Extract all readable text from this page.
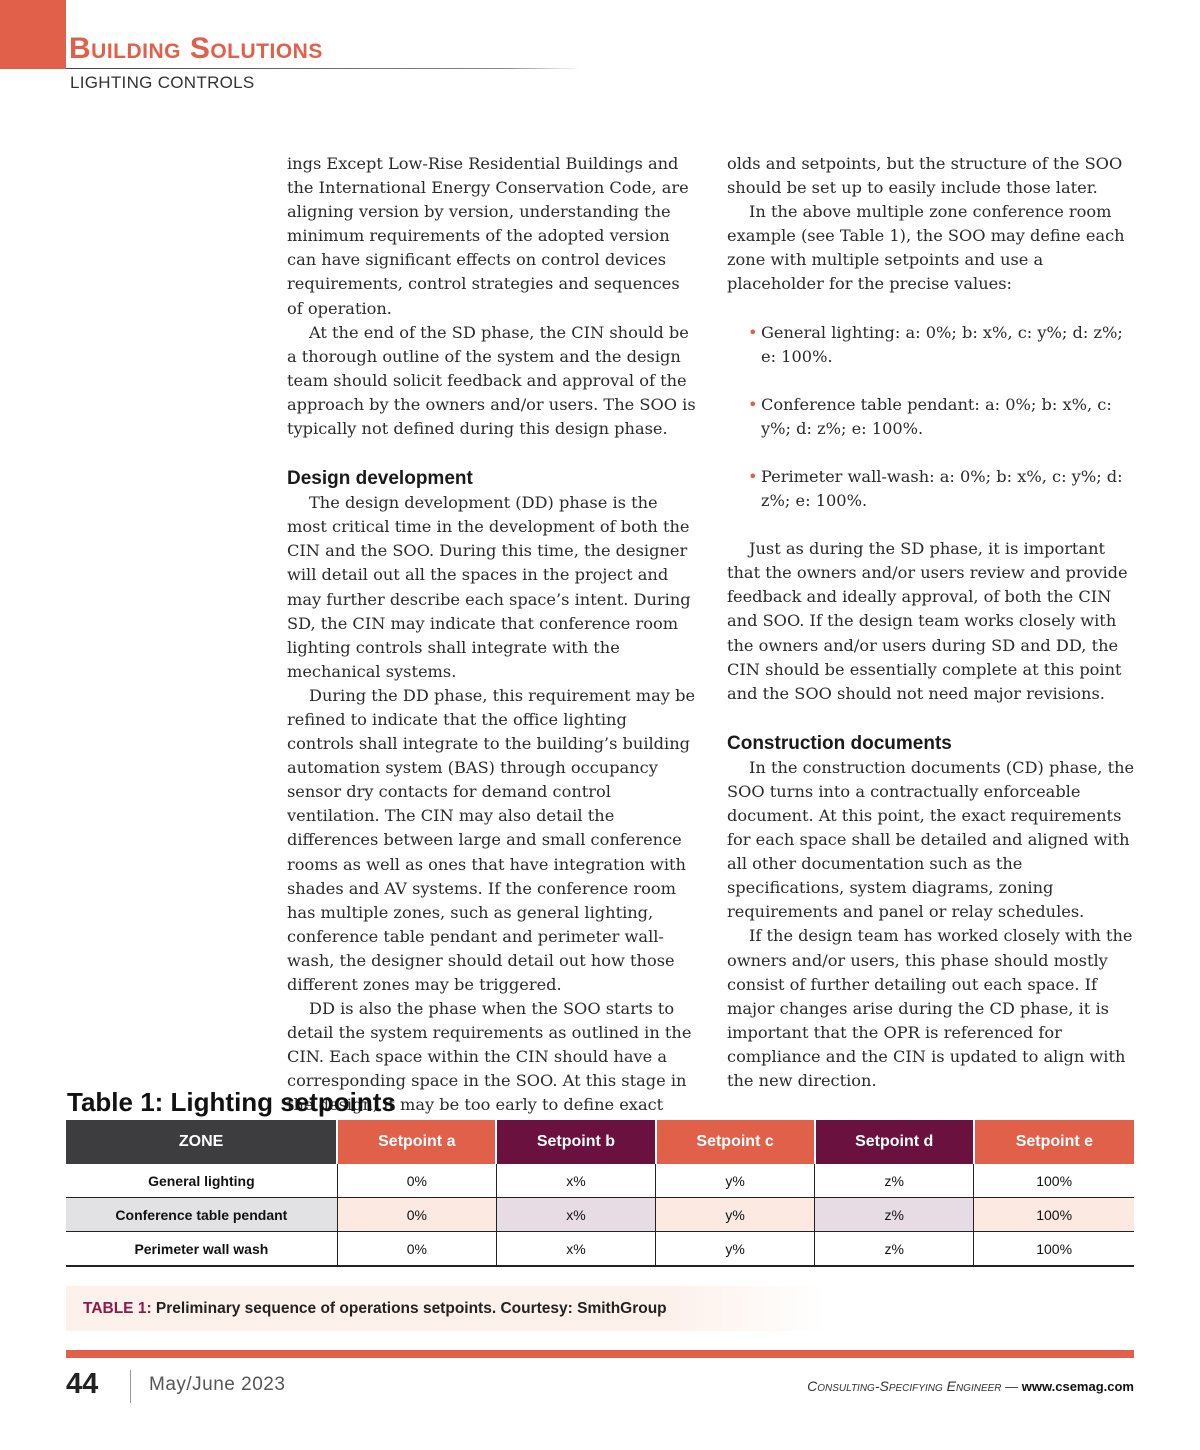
Building Solutions
LIGHTING CONTROLS

ings Except Low-Rise Residential Buildings and the International Energy Conservation Code, are aligning version by version, understanding the minimum requirements of the adopted version can have significant effects on control devices requirements, control strategies and sequences of operation.

At the end of the SD phase, the CIN should be a thorough outline of the system and the design team should solicit feedback and approval of the approach by the owners and/or users. The SOO is typically not defined during this design phase.

Design development

The design development (DD) phase is the most critical time in the development of both the CIN and the SOO. During this time, the designer will detail out all the spaces in the project and may further describe each space’s intent. During SD, the CIN may indicate that conference room lighting controls shall integrate with the mechanical systems.

During the DD phase, this requirement may be refined to indicate that the office lighting controls shall integrate to the building’s building automation system (BAS) through occupancy sensor dry contacts for demand control ventilation. The CIN may also detail the differences between large and small conference rooms as well as ones that have integration with shades and AV systems. If the conference room has multiple zones, such as general lighting, conference table pendant and perimeter wall-wash, the designer should detail out how those different zones may be triggered.

DD is also the phase when the SOO starts to detail the system requirements as outlined in the CIN. Each space within the CIN should have a corresponding space in the SOO. At this stage in the design, it may be too early to define exact

olds and setpoints, but the structure of the SOO should be set up to easily include those later.

In the above multiple zone conference room example (see Table 1), the SOO may define each zone with multiple setpoints and use a placeholder for the precise values:

• General lighting: a: 0%; b: x%, c: y%; d: z%; e: 100%.
• Conference table pendant: a: 0%; b: x%, c: y%; d: z%; e: 100%.
• Perimeter wall-wash: a: 0%; b: x%, c: y%; d: z%; e: 100%.

Just as during the SD phase, it is important that the owners and/or users review and provide feedback and ideally approval, of both the CIN and SOO. If the design team works closely with the owners and/or users during SD and DD, the CIN should be essentially complete at this point and the SOO should not need major revisions.

Construction documents

In the construction documents (CD) phase, the SOO turns into a contractually enforceable document. At this point, the exact requirements for each space shall be detailed and aligned with all other documentation such as the specifications, system diagrams, zoning requirements and panel or relay schedules.

If the design team has worked closely with the owners and/or users, this phase should mostly consist of further detailing out each space. If major changes arise during the CD phase, it is important that the OPR is referenced for compliance and the CIN is updated to align with the new direction.

Table 1: Lighting setpoints
ZONE	Setpoint a	Setpoint b	Setpoint c	Setpoint d	Setpoint e
General lighting	0%	x%	y%	z%	100%
Conference table pendant	0%	x%	y%	z%	100%
Perimeter wall wash	0%	x%	y%	z%	100%
TABLE 1: Preliminary sequence of operations setpoints. Courtesy: SmithGroup
44	May/June 2023	Consulting-Specifying Engineer — www.csemag.com
